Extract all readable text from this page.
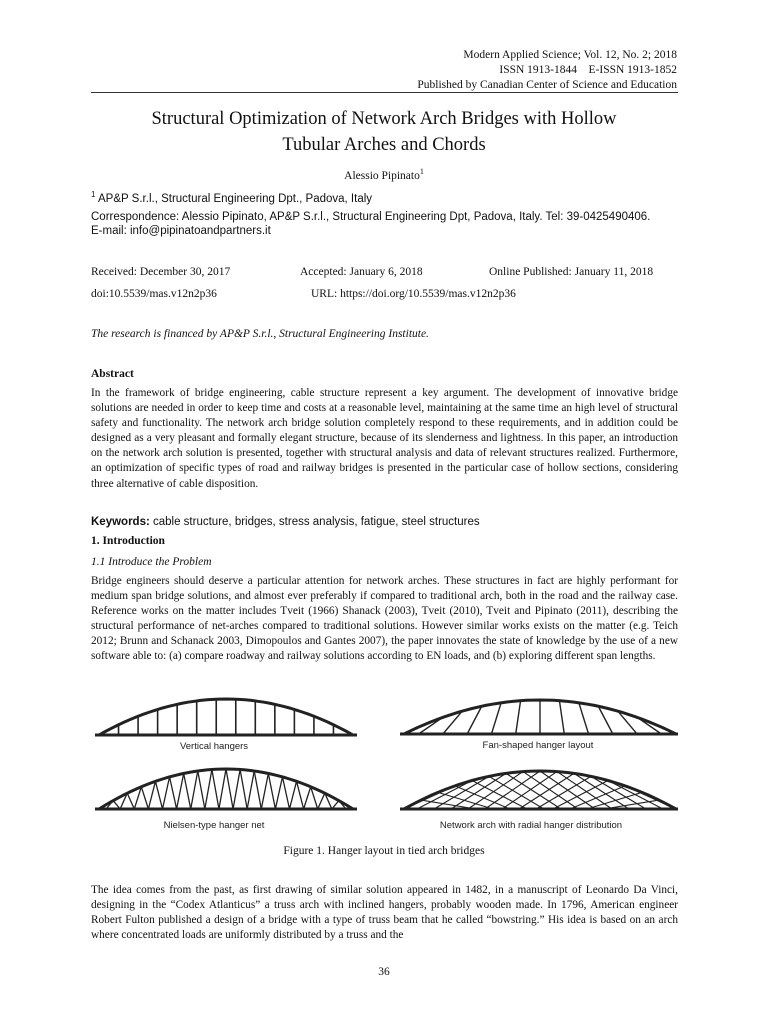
Modern Applied Science; Vol. 12, No. 2; 2018
ISSN 1913-1844    E-ISSN 1913-1852
Published by Canadian Center of Science and Education
Structural Optimization of Network Arch Bridges with Hollow
Tubular Arches and Chords
Alessio Pipinato$^1$
$^1$ AP&P S.r.l., Structural Engineering Dpt., Padova, Italy
Correspondence: Alessio Pipinato, AP&P S.r.l., Structural Engineering Dpt, Padova, Italy. Tel: 39-0425490406.
E-mail: info@pipinatoandpartners.it
Received: December 30, 2017	Accepted: January 6, 2018	Online Published: January 11, 2018
doi:10.5539/mas.v12n2p36	URL: https://doi.org/10.5539/mas.v12n2p36
The research is financed by AP&P S.r.l., Structural Engineering Institute.
Abstract
In the framework of bridge engineering, cable structure represent a key argument. The development of innovative bridge solutions are needed in order to keep time and costs at a reasonable level, maintaining at the same time an high level of structural safety and functionality. The network arch bridge solution completely respond to these requirements, and in addition could be designed as a very pleasant and formally elegant structure, because of its slenderness and lightness. In this paper, an introduction on the network arch solution is presented, together with structural analysis and data of relevant structures realized. Furthermore, an optimization of specific types of road and railway bridges is presented in the particular case of hollow sections, considering three alternative of cable disposition.
Keywords: cable structure, bridges, stress analysis, fatigue, steel structures
1. Introduction
1.1 Introduce the Problem
Bridge engineers should deserve a particular attention for network arches. These structures in fact are highly performant for medium span bridge solutions, and almost ever preferably if compared to traditional arch, both in the road and the railway case. Reference works on the matter includes Tveit (1966) Shanack (2003), Tveit (2010), Tveit and Pipinato (2011), describing the structural performance of net-arches compared to traditional solutions. However similar works exists on the matter (e.g. Teich 2012; Brunn and Schanack 2003, Dimopoulos and Gantes 2007), the paper innovates the state of knowledge by the use of a new software able to: (a) compare roadway and railway solutions according to EN loads, and (b) exploring different span lengths.
Vertical hangers	Fan-shaped hanger layout
Nielsen-type hanger net	Network arch with radial hanger distribution
Figure 1. Hanger layout in tied arch bridges
The idea comes from the past, as first drawing of similar solution appeared in 1482, in a manuscript of Leonardo Da Vinci, designing in the “Codex Atlanticus” a truss arch with inclined hangers, probably wooden made. In 1796, American engineer Robert Fulton published a design of a bridge with a type of truss beam that he called “bowstring.” His idea is based on an arch where concentrated loads are uniformly distributed by a truss and the
36
